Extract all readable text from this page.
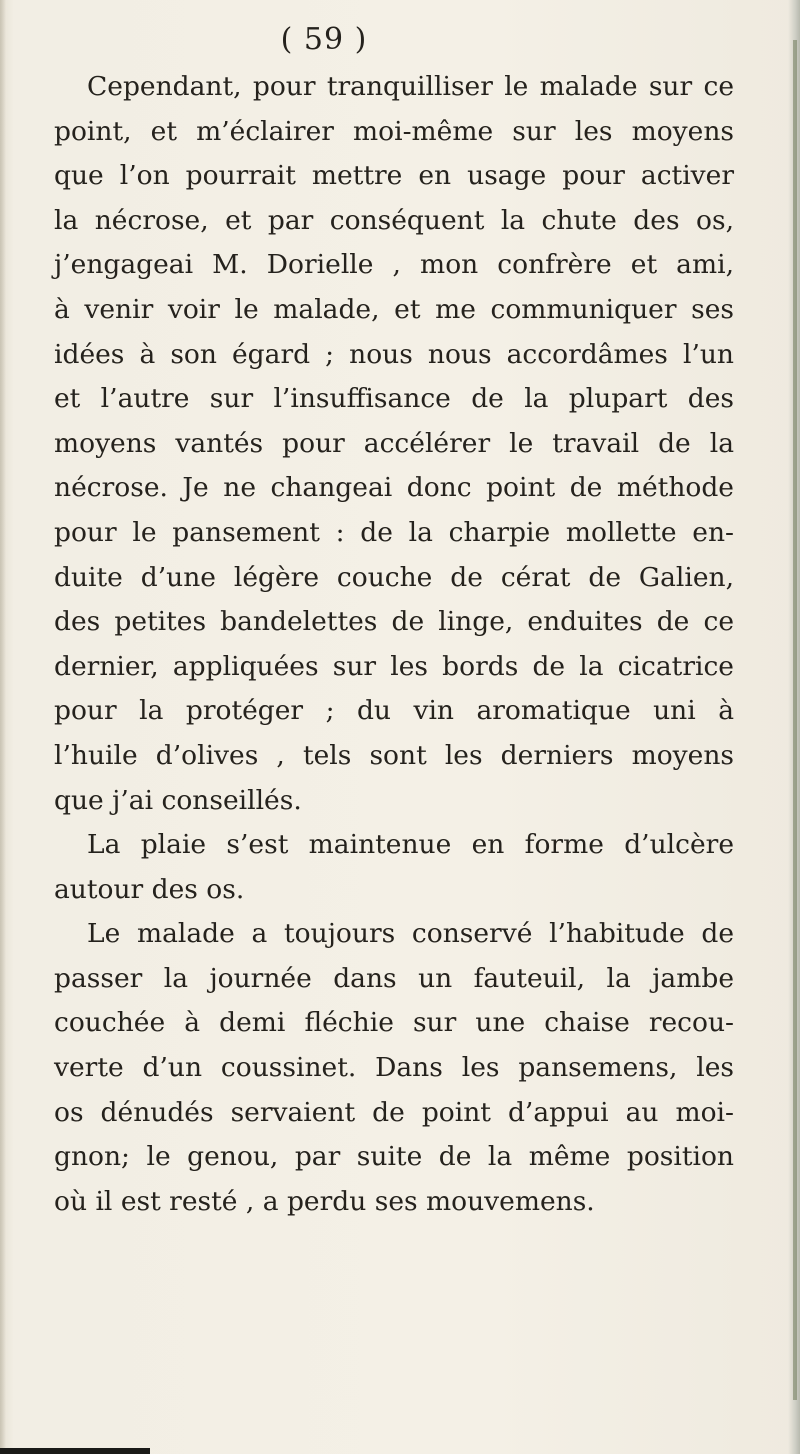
( 59 )
Cependant, pour tranquilliser le malade sur ce
point, et m’éclairer moi-même sur les moyens
que l’on pourrait mettre en usage pour activer
la nécrose, et par conséquent la chute des os,
j’engageai M. Dorielle , mon confrère et ami,
à venir voir le malade, et me communiquer ses
idées à son égard ; nous nous accordâmes l’un
et l’autre sur l’insuffisance de la plupart des
moyens vantés pour accélérer le travail de la
nécrose. Je ne changeai donc point de méthode
pour le pansement : de la charpie mollette en-
duite d’une légère couche de cérat de Galien,
des petites bandelettes de linge, enduites de ce
dernier, appliquées sur les bords de la cicatrice
pour la protéger ; du vin aromatique uni à
l’huile d’olives , tels sont les derniers moyens
que j’ai conseillés.
La plaie s’est maintenue en forme d’ulcère
autour des os.
Le malade a toujours conservé l’habitude de
passer la journée dans un fauteuil, la jambe
couchée à demi fléchie sur une chaise recou-
verte d’un coussinet. Dans les pansemens, les
os dénudés servaient de point d’appui au moi-
gnon; le genou, par suite de la même position
où il est resté , a perdu ses mouvemens.
